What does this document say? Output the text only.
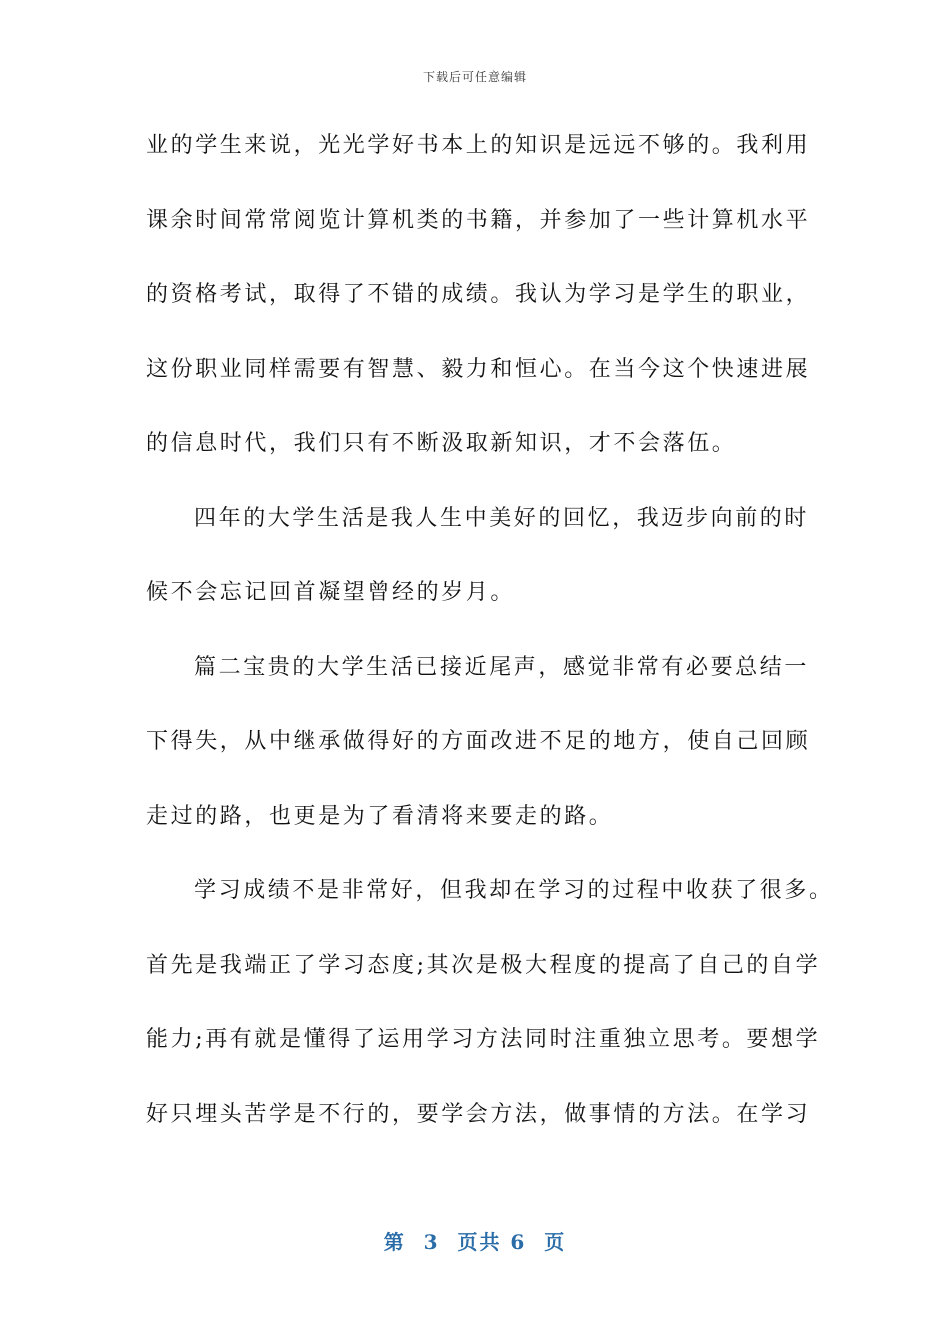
下载后可任意编辑
业的学生来说，光光学好书本上的知识是远远不够的。我利用
课余时间常常阅览计算机类的书籍，并参加了一些计算机水平
的资格考试，取得了不错的成绩。我认为学习是学生的职业，
这份职业同样需要有智慧、毅力和恒心。在当今这个快速进展
的信息时代，我们只有不断汲取新知识，才不会落伍。
四年的大学生活是我人生中美好的回忆，我迈步向前的时
候不会忘记回首凝望曾经的岁月。
篇二宝贵的大学生活已接近尾声，感觉非常有必要总结一
下得失，从中继承做得好的方面改进不足的地方，使自己回顾
走过的路，也更是为了看清将来要走的路。
学习成绩不是非常好，但我却在学习的过程中收获了很多。
首先是我端正了学习态度;其次是极大程度的提高了自己的自学
能力;再有就是懂得了运用学习方法同时注重独立思考。要想学
好只埋头苦学是不行的，要学会方法，做事情的方法。在学习
第  3  页共 6  页
